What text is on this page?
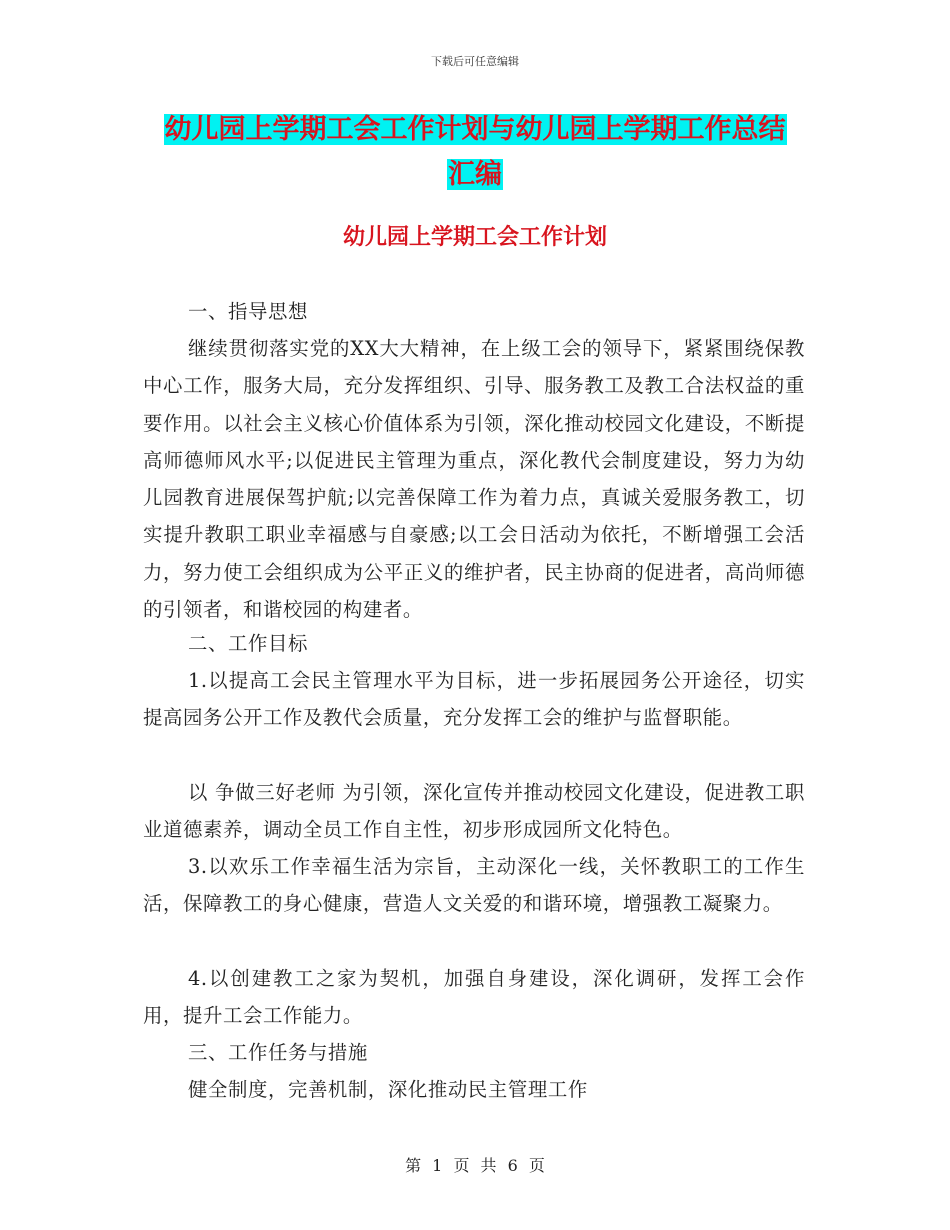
下载后可任意编辑
幼儿园上学期工会工作计划与幼儿园上学期工作总结
汇编
幼儿园上学期工会工作计划
一、指导思想
继续贯彻落实党的XX大大精神，在上级工会的领导下，紧紧围绕保教中心工作，服务大局，充分发挥组织、引导、服务教工及教工合法权益的重要作用。以社会主义核心价值体系为引领，深化推动校园文化建设，不断提高师德师风水平;以促进民主管理为重点，深化教代会制度建设，努力为幼儿园教育进展保驾护航;以完善保障工作为着力点，真诚关爱服务教工，切实提升教职工职业幸福感与自豪感;以工会日活动为依托，不断增强工会活力，努力使工会组织成为公平正义的维护者，民主协商的促进者，高尚师德的引领者，和谐校园的构建者。
二、工作目标
1.以提高工会民主管理水平为目标，进一步拓展园务公开途径，切实提高园务公开工作及教代会质量，充分发挥工会的维护与监督职能。
以 争做三好老师 为引领，深化宣传并推动校园文化建设，促进教工职业道德素养，调动全员工作自主性，初步形成园所文化特色。
3.以欢乐工作幸福生活为宗旨，主动深化一线，关怀教职工的工作生活，保障教工的身心健康，营造人文关爱的和谐环境，增强教工凝聚力。
4.以创建教工之家为契机，加强自身建设，深化调研，发挥工会作用，提升工会工作能力。
三、工作任务与措施
健全制度，完善机制，深化推动民主管理工作
第 1 页 共 6 页
